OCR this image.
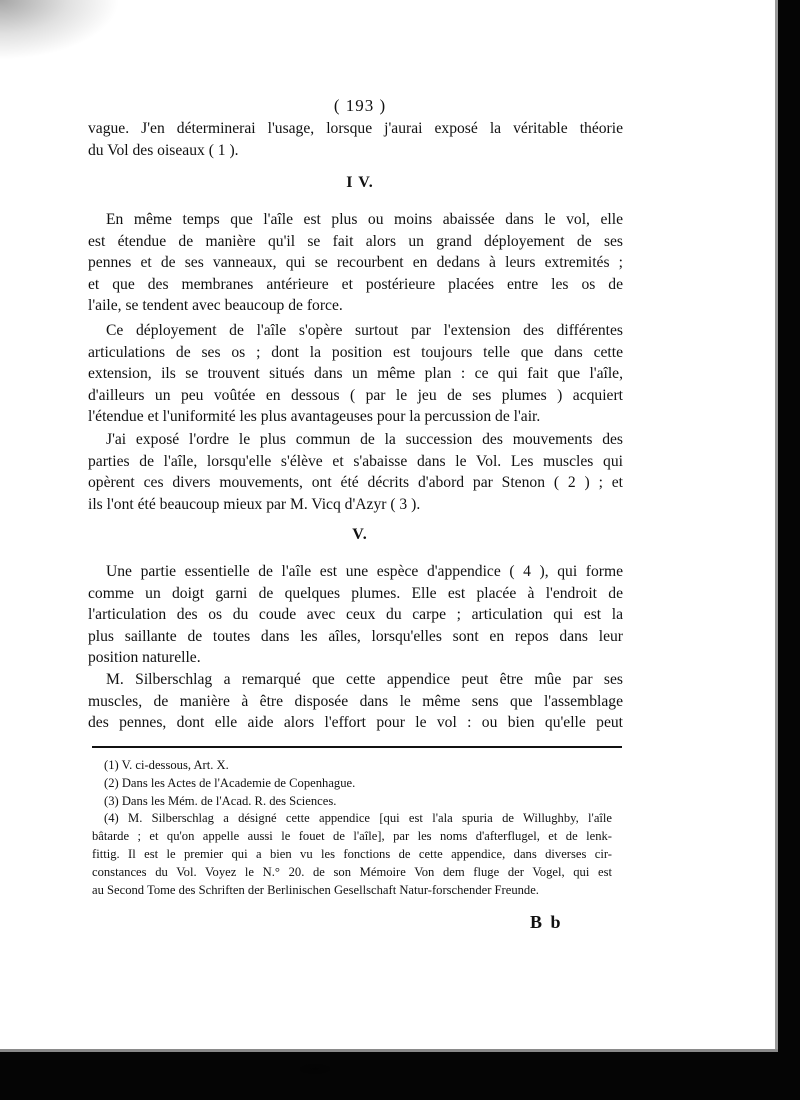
( 193 )
vague. J'en déterminerai l'usage, lorsque j'aurai exposé la véritable théorie
du Vol des oiseaux ( 1 ).
I V.
En même temps que l'aîle est plus ou moins abaissée dans le vol, elle
est étendue de manière qu'il se fait alors un grand déployement de ses
pennes et de ses vanneaux, qui se recourbent en dedans à leurs extremités ;
et que des membranes antérieure et postérieure placées entre les os de
l'aile, se tendent avec beaucoup de force.
Ce déployement de l'aîle s'opère surtout par l'extension des différentes
articulations de ses os ; dont la position est toujours telle que dans cette
extension, ils se trouvent situés dans un même plan : ce qui fait que l'aîle,
d'ailleurs un peu voûtée en dessous ( par le jeu de ses plumes ) acquiert
l'étendue et l'uniformité les plus avantageuses pour la percussion de l'air.
J'ai exposé l'ordre le plus commun de la succession des mouvements des
parties de l'aîle, lorsqu'elle s'élève et s'abaisse dans le Vol. Les muscles qui
opèrent ces divers mouvements, ont été décrits d'abord par Stenon ( 2 ) ; et
ils l'ont été beaucoup mieux par M. Vicq d'Azyr ( 3 ).
V.
Une partie essentielle de l'aîle est une espèce d'appendice ( 4 ), qui forme
comme un doigt garni de quelques plumes. Elle est placée à l'endroit de
l'articulation des os du coude avec ceux du carpe ; articulation qui est la
plus saillante de toutes dans les aîles, lorsqu'elles sont en repos dans leur
position naturelle.
M. Silberschlag a remarqué que cette appendice peut être mûe par ses
muscles, de manière à être disposée dans le même sens que l'assemblage
des pennes, dont elle aide alors l'effort pour le vol : ou bien qu'elle peut
(1) V. ci-dessous, Art. X.
(2) Dans les Actes de l'Academie de Copenhague.
(3) Dans les Mém. de l'Acad. R. des Sciences.
(4) M. Silberschlag a désigné cette appendice [qui est l'ala spuria de Willughby, l'aîle
bâtarde ; et qu'on appelle aussi le fouet de l'aîle], par les noms d'afterflugel, et de lenk-
fittig. Il est le premier qui a bien vu les fonctions de cette appendice, dans diverses cir-
constances du Vol. Voyez le N.° 20. de son Mémoire Von dem fluge der Vogel, qui est
au Second Tome des Schriften der Berlinischen Gesellschaft Natur-forschender Freunde.
B b
